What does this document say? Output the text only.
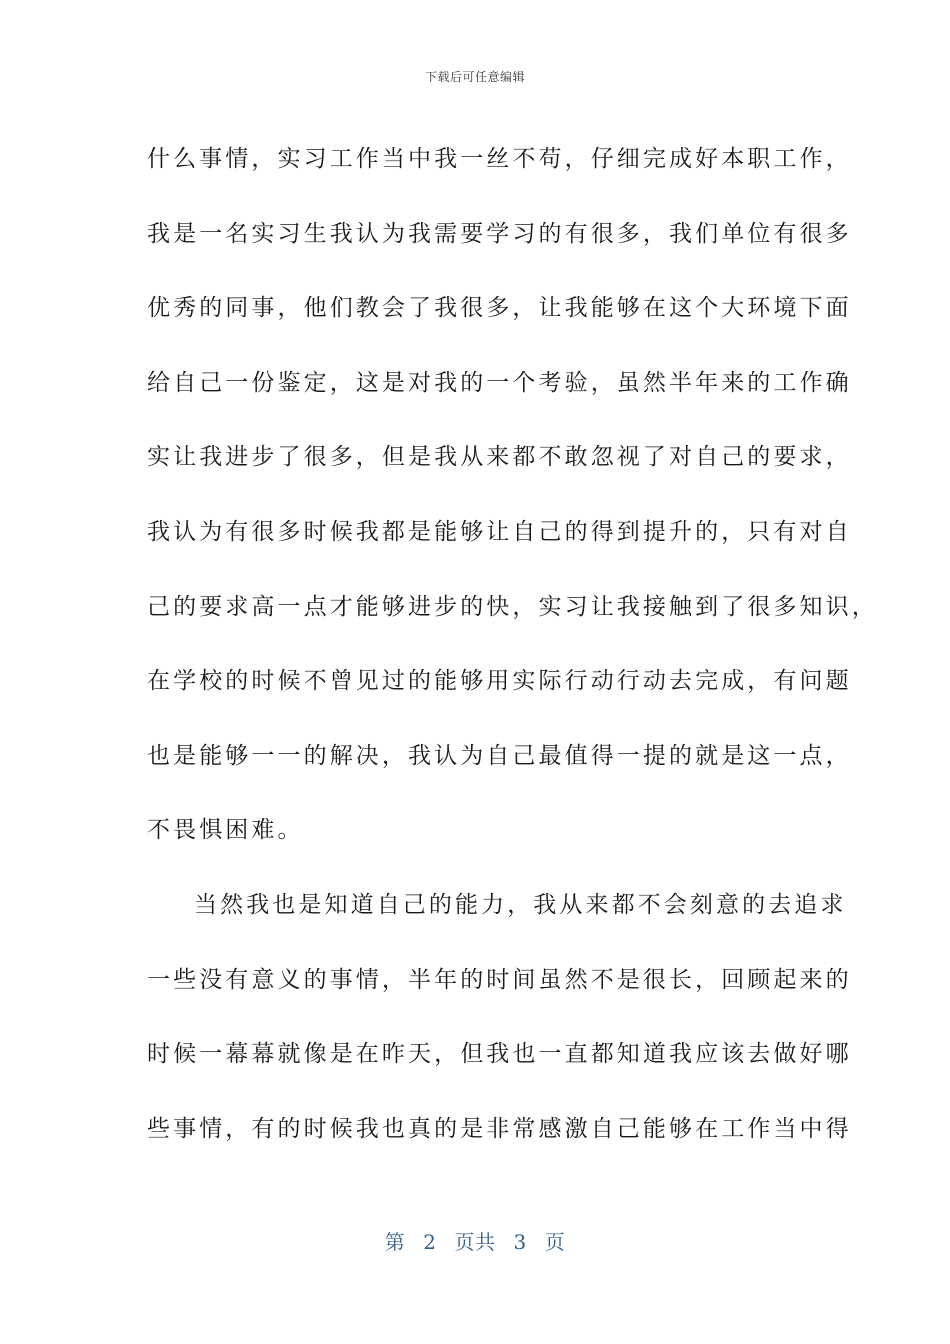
下载后可任意编辑
什么事情，实习工作当中我一丝不苟，仔细完成好本职工作，
我是一名实习生我认为我需要学习的有很多，我们单位有很多
优秀的同事，他们教会了我很多，让我能够在这个大环境下面
给自己一份鉴定，这是对我的一个考验，虽然半年来的工作确
实让我进步了很多，但是我从来都不敢忽视了对自己的要求，
我认为有很多时候我都是能够让自己的得到提升的，只有对自
己的要求高一点才能够进步的快，实习让我接触到了很多知识，
在学校的时候不曾见过的能够用实际行动行动去完成，有问题
也是能够一一的解决，我认为自己最值得一提的就是这一点，
不畏惧困难。
当然我也是知道自己的能力，我从来都不会刻意的去追求
一些没有意义的事情，半年的时间虽然不是很长，回顾起来的
时候一幕幕就像是在昨天，但我也一直都知道我应该去做好哪
些事情，有的时候我也真的是非常感激自己能够在工作当中得
第 2 页共 3 页
